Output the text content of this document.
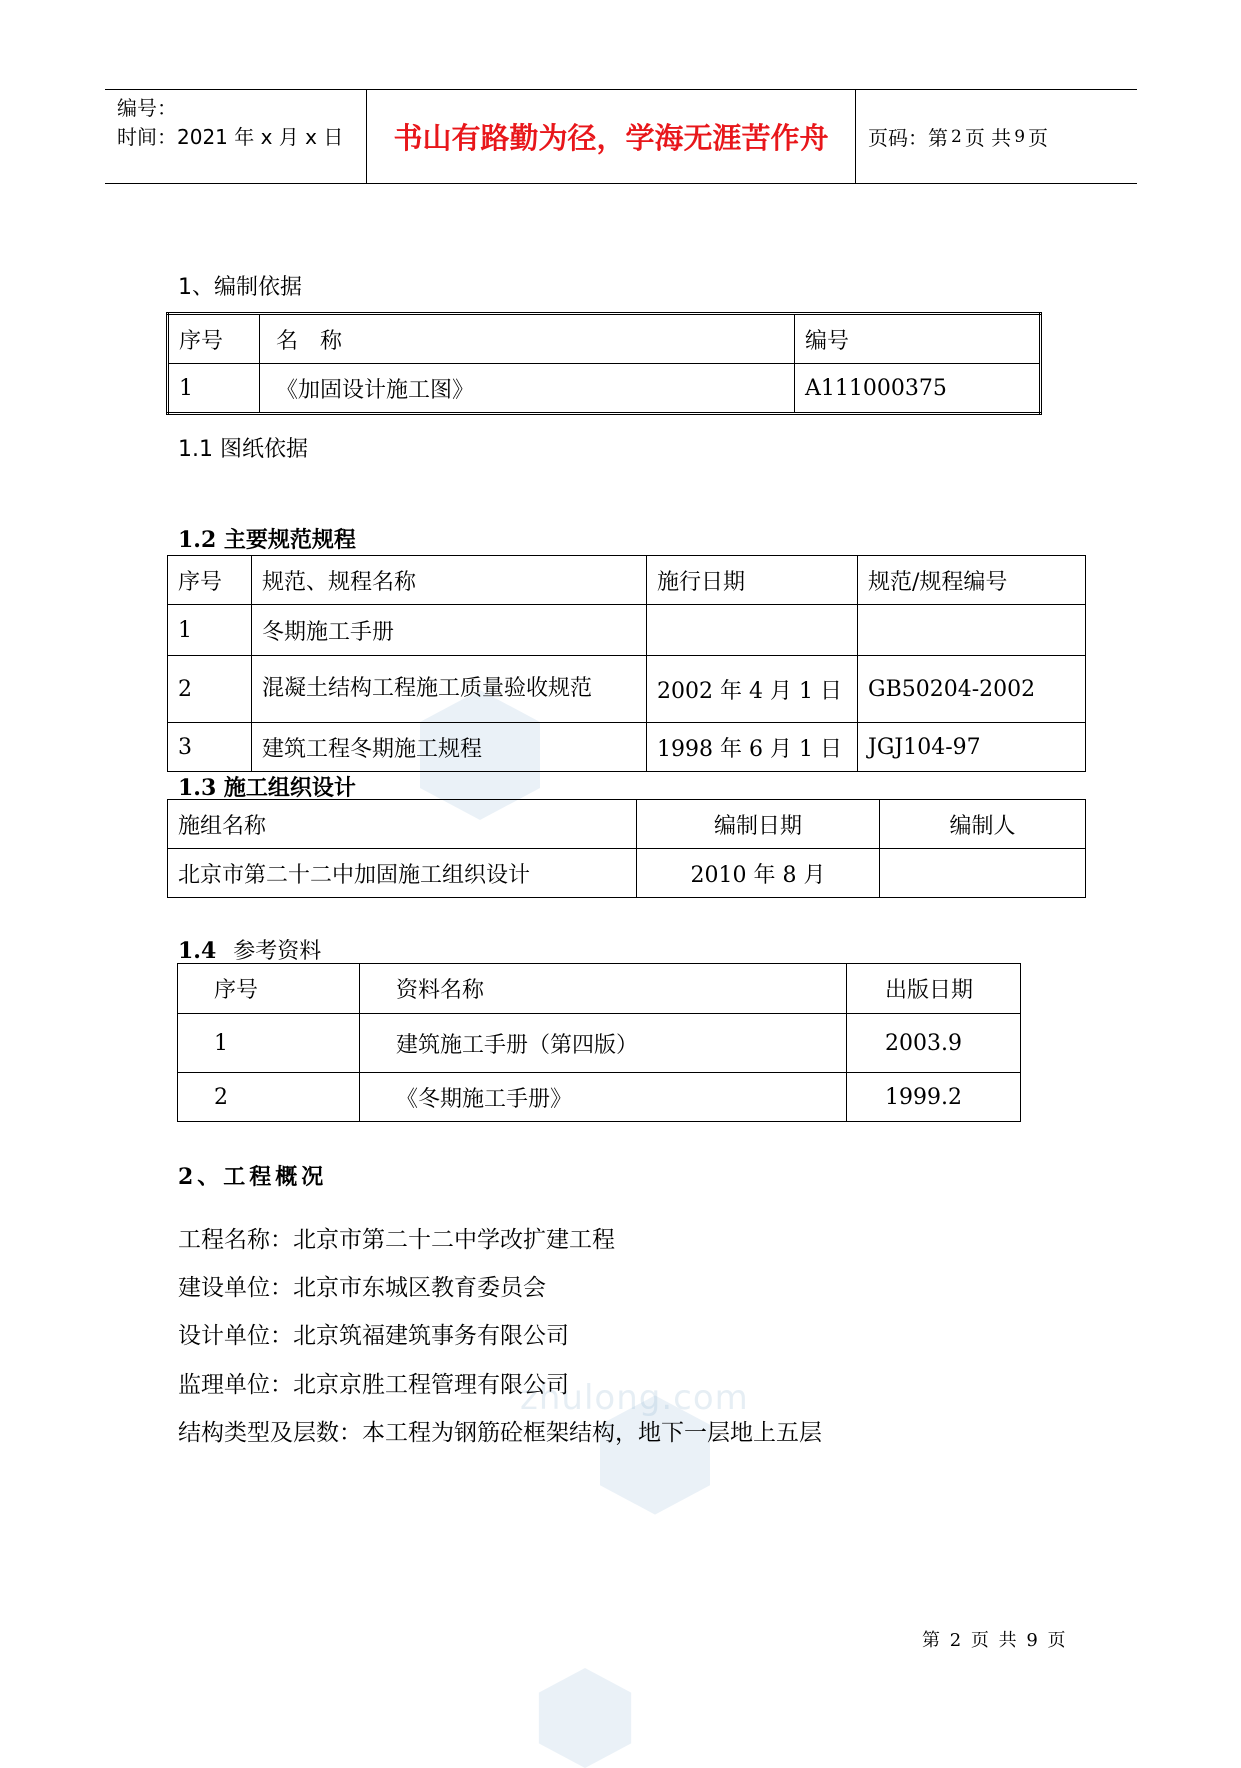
zhulong.com
编号：
时间：2021 年 x 月 x 日	书山有路勤为径，学海无涯苦作舟	页码：第 2 页 共 9 页
1、编制依据
序号	名　称	编号
1	《加固设计施工图》	A111000375
1.1 图纸依据
1.2 主要规范规程
序号	规范、规程名称	施行日期	规范/规程编号
1	冬期施工手册		
2	混凝土结构工程施工质量验收规范	2002 年 4 月 1 日	GB50204-2002
3	建筑工程冬期施工规程	1998 年 6 月 1 日	JGJ104-97
1.3 施工组织设计
施组名称	编制日期	编制人
北京市第二十二中加固施工组织设计	2010 年 8 月	
1.4 参考资料
序号	资料名称	出版日期
1	建筑施工手册（第四版）	2003.9
2	《冬期施工手册》	1999.2
2、工程概况
工程名称：北京市第二十二中学改扩建工程
建设单位：北京市东城区教育委员会
设计单位：北京筑福建筑事务有限公司
监理单位：北京京胜工程管理有限公司
结构类型及层数：本工程为钢筋砼框架结构，地下一层地上五层
第 2 页 共 9 页
